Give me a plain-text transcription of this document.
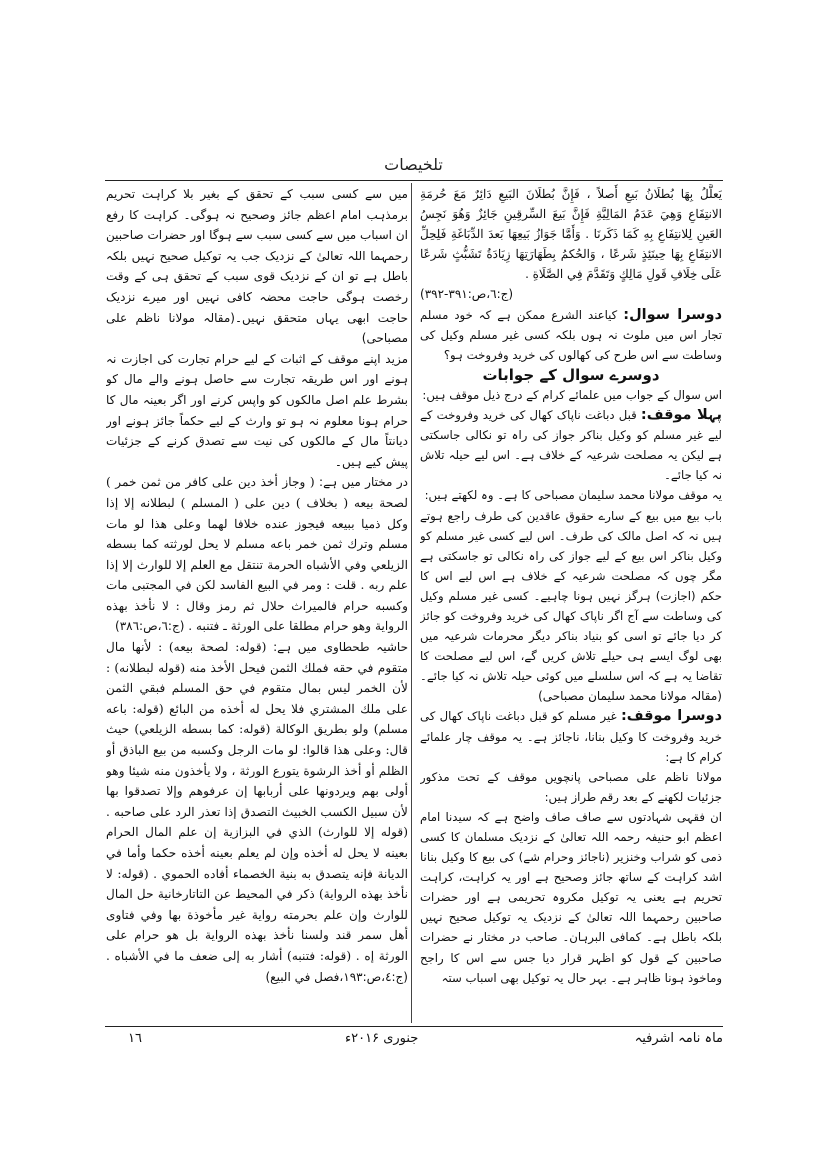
تلخیصات

يَعلَّلُ بِهَا بُطلَانُ بَيعِ أَصلاً ، فَإِنَّ بُطلَانَ البَيعِ دَائِرٌ مَعَ حُرمَةِ الانتِفَاعِ وَهِيَ عَدَمُ المَالِيَّةِ فَإِنَّ بَيعَ السِّرقِينِ جَائِزٌ وَهُوَ نَجِسُ العَينِ لِلانتِفَاعِ بِهِ كَمَا ذَكَرنَا . وَأَمَّا جَوَازُ بَيعِهَا بَعدَ الدِّبَاغَةِ فَلِحِلِّ الانتِفَاعِ بِهَا حِينَئِذٍ شَرعًا ، وَالحُكمُ بِطَهَارَتِهَا زِيَادَةُ تَشَبُّثٍ شَرعًا عَلَى خِلَافِ قَولِ مَالِكٍ وَتَقَدَّمَ فِي الصَّلَاةِ .

(ج:٦،ص:٣٩١-٣٩٢)

دوسرا سوال: کیاعند الشرع ممکن ہے کہ خود مسلم تجار اس میں ملوث نہ ہوں بلکہ کسی غیر مسلم وکیل کی وساطت سے اس طرح کی کھالوں کی خرید وفروخت ہو؟

دوسرے سوال کے جوابات

اس سوال کے جواب میں علمائے کرام کے درج ذیل موقف ہیں:

پہلا موقف: قبل دباغت ناپاک کھال کی خرید وفروخت کے لیے غیر مسلم کو وکیل بناکر جواز کی راہ تو نکالی جاسکتی ہے لیکن یہ مصلحت شرعیہ کے خلاف ہے۔ اس لیے حیلہ تلاش نہ کیا جائے۔

یہ موقف مولانا محمد سلیمان مصباحی کا ہے۔ وہ لکھتے ہیں:

باب بیع میں بیع کے سارے حقوق عاقدین کی طرف راجع ہوتے ہیں نہ کہ اصل مالک کی طرف۔ اس لیے کسی غیر مسلم کو وکیل بناکر اس بیع کے لیے جواز کی راہ نکالی تو جاسکتی ہے مگر چوں کہ مصلحت شرعیہ کے خلاف ہے اس لیے اس کا حکم (اجازت) ہرگز نہیں ہونا چاہیے۔ کسی غیر مسلم وکیل کی وساطت سے آج اگر ناپاک کھال کی خرید وفروخت کو جائز کر دیا جائے تو اسی کو بنیاد بناکر دیگر محرمات شرعیہ میں بھی لوگ ایسے ہی حیلے تلاش کریں گے، اس لیے مصلحت کا تقاضا یہ ہے کہ اس سلسلے میں کوئی حیلہ تلاش نہ کیا جائے۔(مقالہ مولانا محمد سلیمان مصباحی)

دوسرا موقف: غیر مسلم کو قبل دباغت ناپاک کھال کی خرید وفروخت کا وکیل بنانا، ناجائز ہے۔ یہ موقف چار علمائے کرام کا ہے:

مولانا ناظم علی مصباحی پانچویں موقف کے تحت مذکور جزئیات لکھنے کے بعد رقم طراز ہیں:

ان فقہی شہادتوں سے صاف صاف واضح ہے کہ سیدنا امام اعظم ابو حنیفہ رحمہ اللہ تعالیٰ کے نزدیک مسلمان کا کسی ذمی کو شراب وخنزیر (ناجائز وحرام شے) کی بیع کا وکیل بنانا اشد کراہت کے ساتھ جائز وصحیح ہے اور یہ کراہت، کراہت تحریم ہے یعنی یہ توکیل مکروہ تحریمی ہے اور حضرات صاحبین رحمہما اللہ تعالیٰ کے نزدیک یہ توکیل صحیح نہیں بلکہ باطل ہے۔ کمافی البرہان۔ صاحب در مختار نے حضرات صاحبین کے قول کو اظہر قرار دیا جس سے اس کا راجح وماخوذ ہونا ظاہر ہے۔ بہر حال یہ توکیل بھی اسباب ستہ

میں سے کسی سبب کے تحقق کے بغیر بلا کراہت تحریم برمذہب امام اعظم جائز وصحیح نہ ہوگی۔ کراہت کا رفع ان اسباب میں سے کسی سبب سے ہوگا اور حضرات صاحبین رحمہما اللہ تعالیٰ کے نزدیک جب یہ توکیل صحیح نہیں بلکہ باطل ہے تو ان کے نزدیک قوی سبب کے تحقق ہی کے وقت رخصت ہوگی حاجت محضہ کافی نہیں اور میرے نزدیک حاجت ابھی یہاں متحقق نہیں۔(مقالہ مولانا ناظم علی مصباحی)

مزید اپنے موقف کے اثبات کے لیے حرام تجارت کی اجازت نہ ہونے اور اس طریقہ تجارت سے حاصل ہونے والے مال کو بشرط علم اصل مالکوں کو واپس کرنے اور اگر بعینہ مال کا حرام ہونا معلوم نہ ہو تو وارث کے لیے حکماً جائز ہونے اور دیانتاً مال کے مالکوں کی نیت سے تصدق کرنے کے جزئیات پیش کیے ہیں۔

در مختار میں ہے: ( وجاز أخذ دين على كافر من ثمن خمر ) لصحة بيعه ( بخلاف ) دين على ( المسلم ) لبطلانه إلا إذا وكل ذميا ببيعه فيجوز عنده خلافا لهما وعلى هذا لو مات مسلم وترك ثمن خمر باعه مسلم لا يحل لورثته كما بسطه الزيلعي وفي الأشباه الحرمة تنتقل مع العلم إلا للوارث إلا إذا علم ربه . قلت : ومر في البيع الفاسد لكن في المجتبى مات وكسبه حرام فالميراث حلال ثم رمز وقال : لا نأخذ بهذه الرواية وهو حرام مطلقا على الورثة ـ فتنبه . (ج:٦،ص:٣٨٦)

حاشیہ طحطاوی میں ہے: (قوله: لصحة بيعه) : لأنها مال متقوم في حقه فملك الثمن فيحل الأخذ منه (قوله لبطلانه) : لأن الخمر ليس بمال متقوم في حق المسلم فبقي الثمن على ملك المشتري فلا يحل له أخذه من البائع (قوله: باعه مسلم) ولو بطريق الوكالة (قوله: كما بسطه الزيلعي) حيث قال: وعلى هذا قالوا: لو مات الرجل وكسبه من بيع الباذق أو الظلم أو أخذ الرشوة يتورع الورثة ، ولا يأخذون منه شيئا وهو أولى بهم ويردونها على أربابها إن عرفوهم وإلا تصدقوا بها لأن سبيل الكسب الخبيث التصدق إذا تعذر الرد على صاحبه . (قوله إلا للوارث) الذي في البزازية إن علم المال الحرام بعينه لا يحل له أخذه وإن لم يعلم بعينه أخذه حكما وأما في الديانة فإنه يتصدق به بنية الخصماء أفاده الحموي . (قوله: لا نأخذ بهذه الرواية) ذكر في المحيط عن التاتارخانية حل المال للوارث وإن علم بحرمته رواية غير مأخوذة بها وفي فتاوى أهل سمر قند ولسنا نأخذ بهذه الرواية بل هو حرام على الورثة إه . (قوله: فتنبه) أشار به إلى ضعف ما في الأشباه . (ج:٤،ص:١٩٣،فصل في البيع)

ماہ نامہ اشرفیہ
جنوری ۲۰۱۶ء
۱٦
